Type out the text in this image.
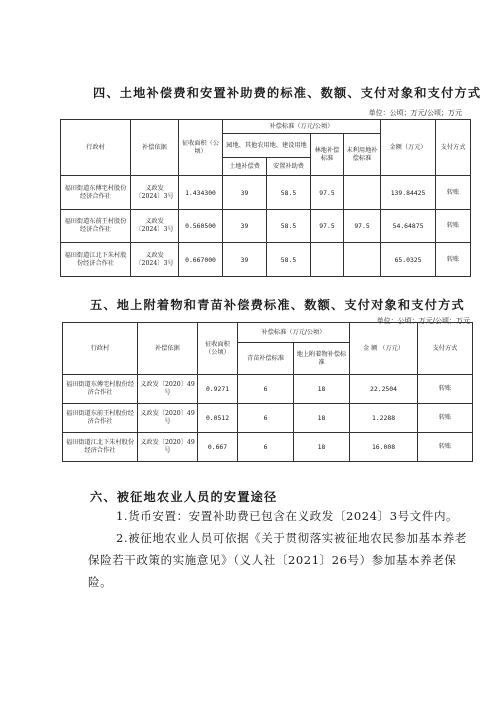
四、土地补偿费和安置补助费的标准、数额、支付对象和支付方式
单位：公顷；万元/公顷；万元
行政村	补偿依据	征收面积（公顷）	补偿标准（万元/公顷）				金额（万元）	支付方式
			园地、其他农用地、建设用地		林地补偿标准	未利用地补偿标准		
			土地补偿费	安置补助费				
福田街道东傅宅村股份经济合作社	义政发〔2024〕3号	1.434300	39	58.5	97.5		139.84425	转账
福田街道东前王村股份经济合作社	义政发〔2024〕3号	0.560500	39	58.5	97.5	97.5	54.64875	转账
福田街道江北下朱村股份经济合作社	义政发〔2024〕3号	0.667000	39	58.5			65.0325	转账
五、地上附着物和青苗补偿费标准、数额、支付对象和支付方式
单位：公顷；万元/公顷；万元
行政村	补偿依据	征收面积（公顷）	补偿标准（万元/公顷）		金 额 （万元）	支付方式
			青苗补偿标准	地上附着物补偿标准		
福田街道东傅宅村股份经济合作社	义政发〔2020〕49号	0.9271	6	18	22.2504	转账
福田街道东前王村股份经济合作社	义政发〔2020〕49号	0.0512	6	18	1.2288	转账
福田街道江北下朱村股份经济合作社	义政发〔2020〕49号	0.667	6	18	16.008	转账
六、被征地农业人员的安置途径
1.货币安置：安置补助费已包含在义政发〔2024〕3号文件内。
2.被征地农业人员可依据《关于贯彻落实被征地农民参加基本养老保险若干政策的实施意见》（义人社〔2021〕26号）参加基本养老保险。
